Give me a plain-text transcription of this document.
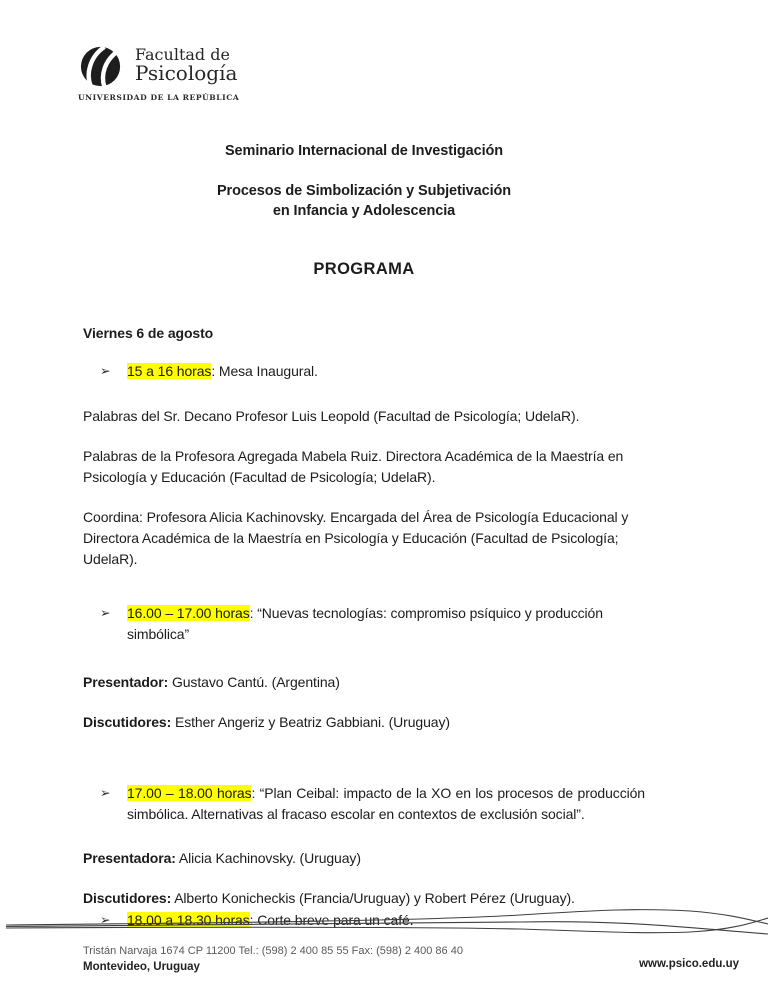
Facultad de
Psicología
UNIVERSIDAD DE LA REPÚBLICA
Seminario Internacional de Investigación
Procesos de Simbolización y Subjetivación
en Infancia y Adolescencia
PROGRAMA
Viernes 6 de agosto
➢	15 a 16 horas: Mesa Inaugural.

Palabras del Sr. Decano Profesor Luis Leopold (Facultad de Psicología; UdelaR).

Palabras de la Profesora Agregada Mabela Ruiz. Directora Académica de la Maestría en Psicología y Educación (Facultad de Psicología; UdelaR).

Coordina: Profesora Alicia Kachinovsky. Encargada del Área de Psicología Educacional y Directora Académica de la Maestría en Psicología y Educación (Facultad de Psicología; UdelaR).

➢	16.00 – 17.00 horas: “Nuevas tecnologías: compromiso psíquico y producción simbólica”

Presentador: Gustavo Cantú. (Argentina)

Discutidores: Esther Angeriz y Beatriz Gabbiani. (Uruguay)

➢	17.00 – 18.00 horas: “Plan Ceibal: impacto de la XO en los procesos de producción simbólica. Alternativas al fracaso escolar en contextos de exclusión social”.

Presentadora: Alicia Kachinovsky. (Uruguay)

Discutidores: Alberto Konicheckis (Francia/Uruguay) y Robert Pérez (Uruguay).

➢	18.00 a 18.30 horas: Corte breve para un café.
Tristán Narvaja 1674 CP 11200 Tel.: (598) 2 400 85 55 Fax: (598) 2 400 86 40
Montevideo, Uruguay	www.psico.edu.uy
